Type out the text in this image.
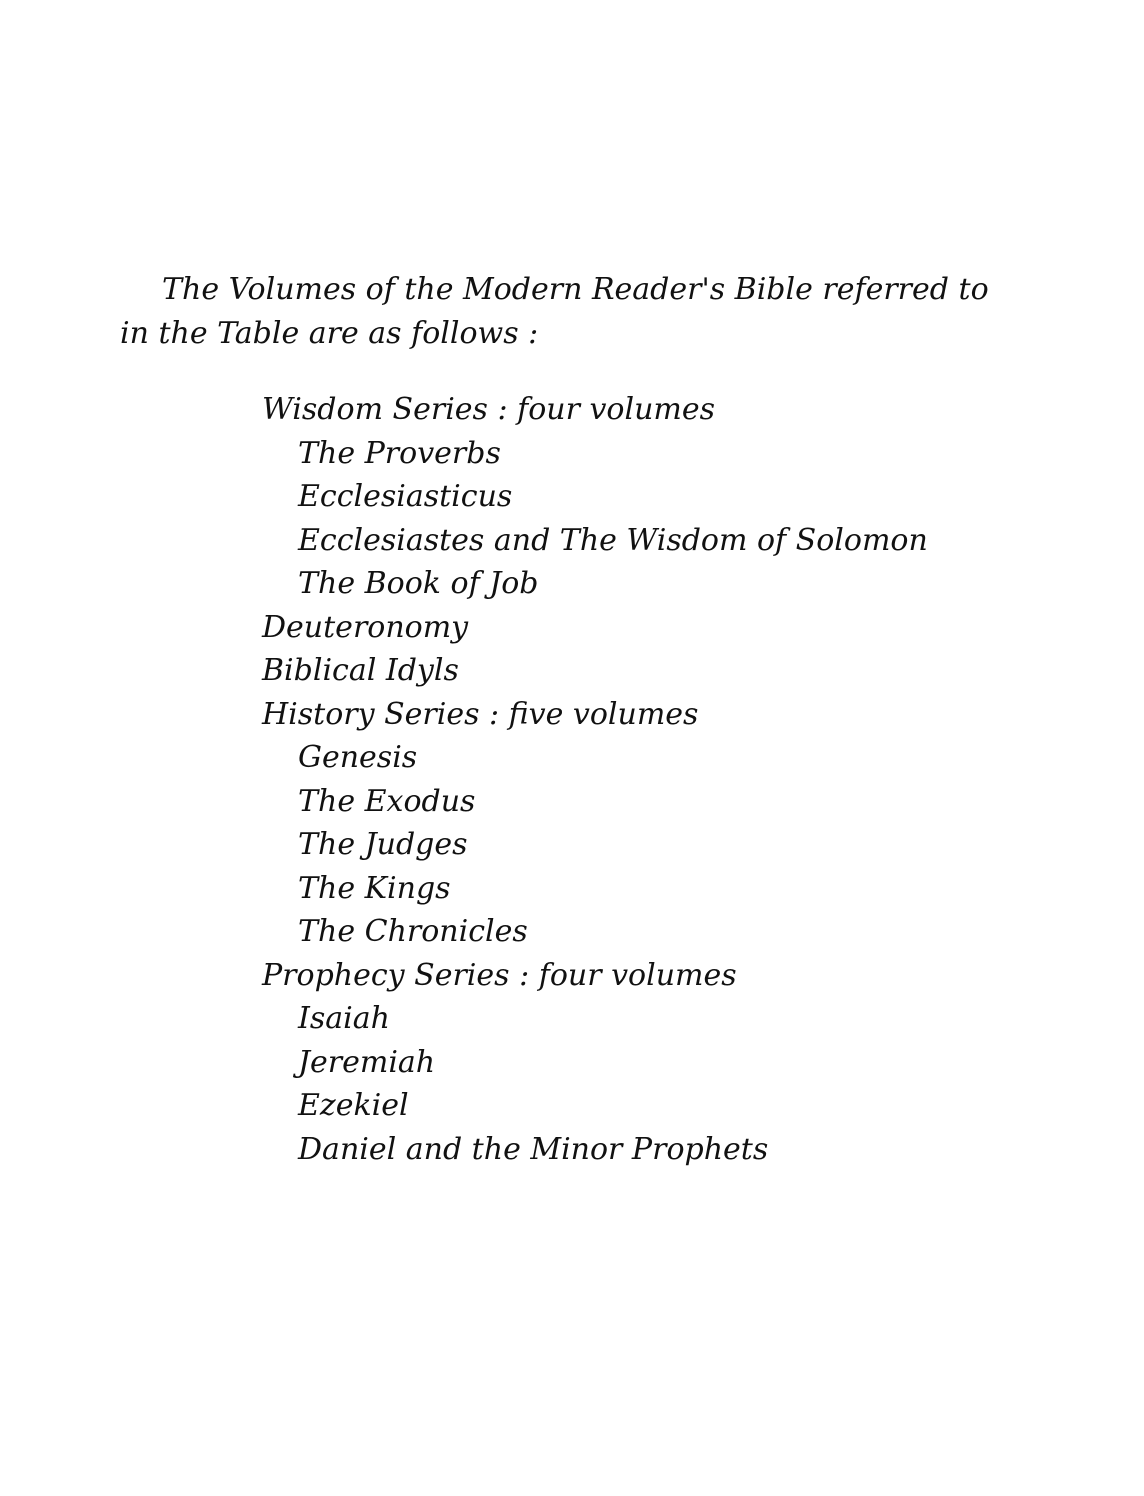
The Volumes of the Modern Reader's Bible referred to
in the Table are as follows :

Wisdom Series : four volumes
The Proverbs
Ecclesiasticus
Ecclesiastes and The Wisdom of Solomon
The Book of Job
Deuteronomy
Biblical Idyls
History Series : five volumes
Genesis
The Exodus
The Judges
The Kings
The Chronicles
Prophecy Series : four volumes
Isaiah
Jeremiah
Ezekiel
Daniel and the Minor Prophets
